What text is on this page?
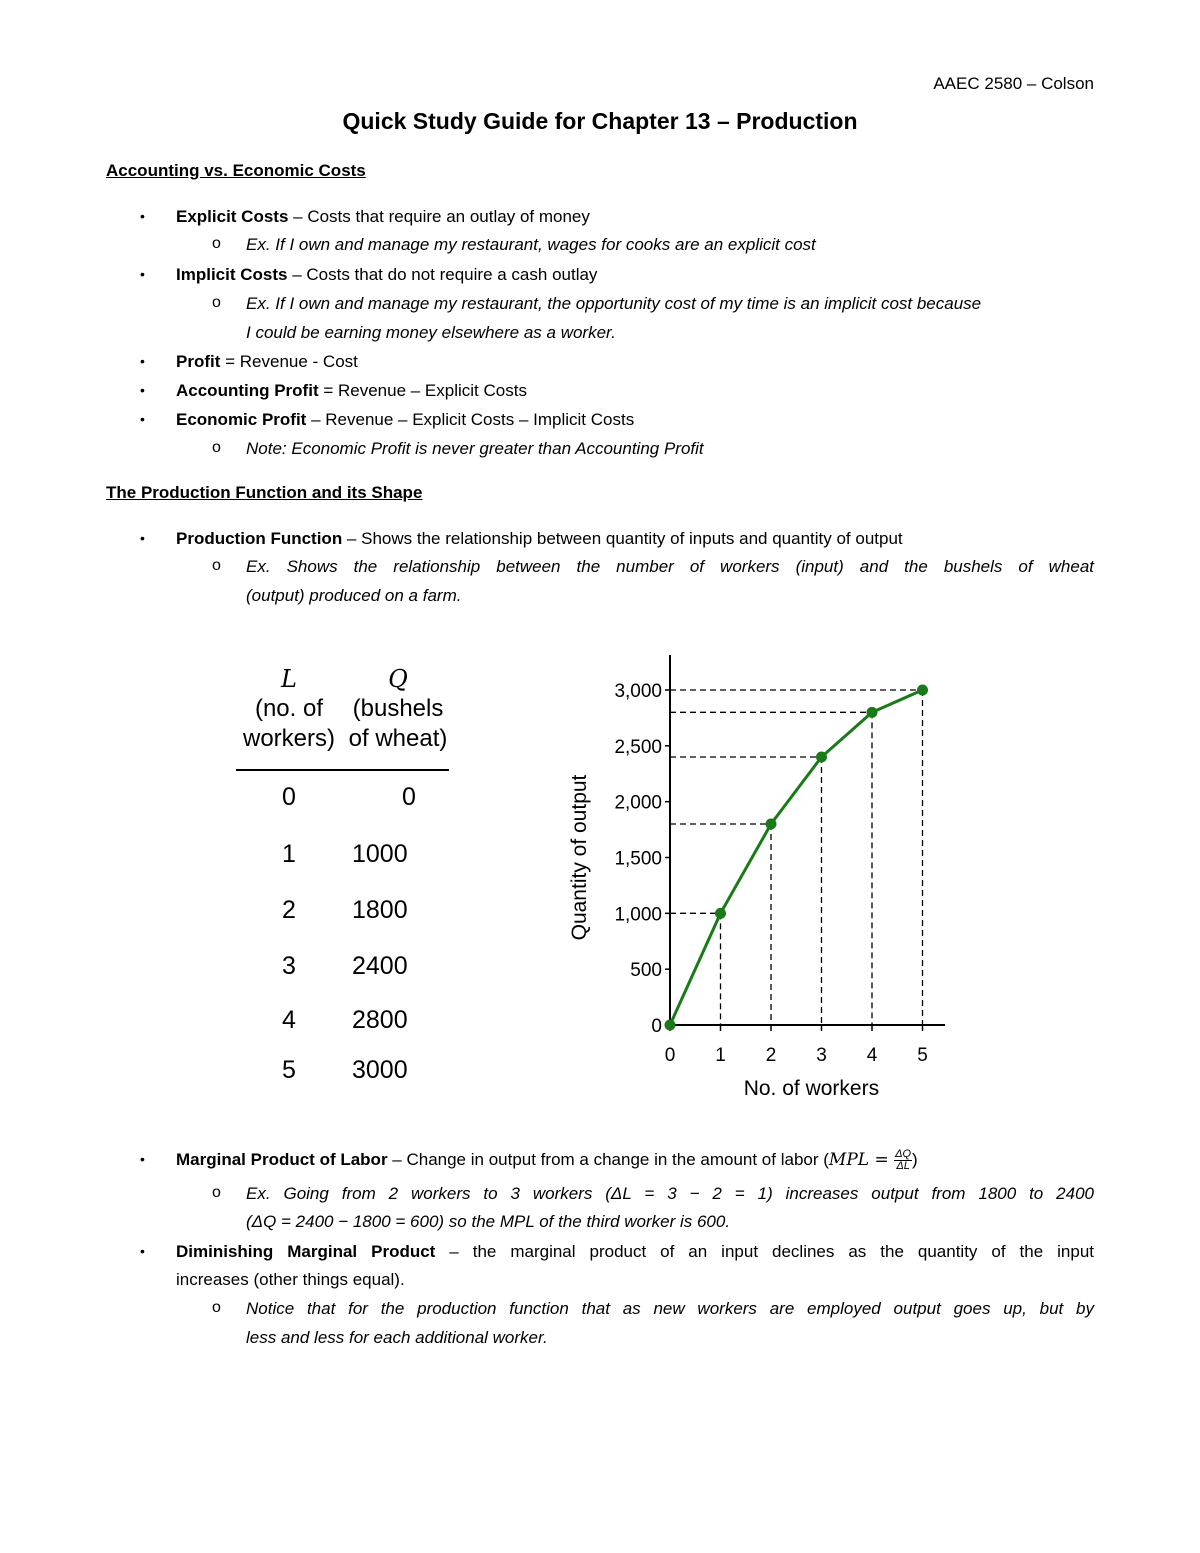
AAEC 2580 – Colson
Quick Study Guide for Chapter 13 – Production
Accounting vs. Economic Costs
• Explicit Costs – Costs that require an outlay of money
o Ex. If I own and manage my restaurant, wages for cooks are an explicit cost
• Implicit Costs – Costs that do not require a cash outlay
o Ex. If I own and manage my restaurant, the opportunity cost of my time is an implicit cost because
I could be earning money elsewhere as a worker.
• Profit = Revenue - Cost
• Accounting Profit = Revenue – Explicit Costs
• Economic Profit – Revenue – Explicit Costs – Implicit Costs
o Note: Economic Profit is never greater than Accounting Profit
The Production Function and its Shape
• Production Function – Shows the relationship between quantity of inputs and quantity of output
o Ex. Shows the relationship between the number of workers (input) and the bushels of wheat
(output) produced on a farm.
L
(no. of
workers)
Q
(bushels
of wheat)
0	0
1 1000
2 1800
3 2400
4 2800
5 3000
0
500
1,000
1,500
2,000
2,500
3,000
0 1 2 3 4 5
No. of workers
Quantity of output
• Marginal Product of Labor – Change in output from a change in the amount of labor ($MPL = \frac{\Delta Q}{\Delta L}$ )
o Ex. Going from 2 workers to 3 workers (ΔL = 3 − 2 = 1) increases output from 1800 to 2400
(ΔQ = 2400 − 1800 = 600) so the MPL of the third worker is 600.
• Diminishing Marginal Product – the marginal product of an input declines as the quantity of the input
increases (other things equal).
o Notice that for the production function that as new workers are employed output goes up, but by
less and less for each additional worker.
